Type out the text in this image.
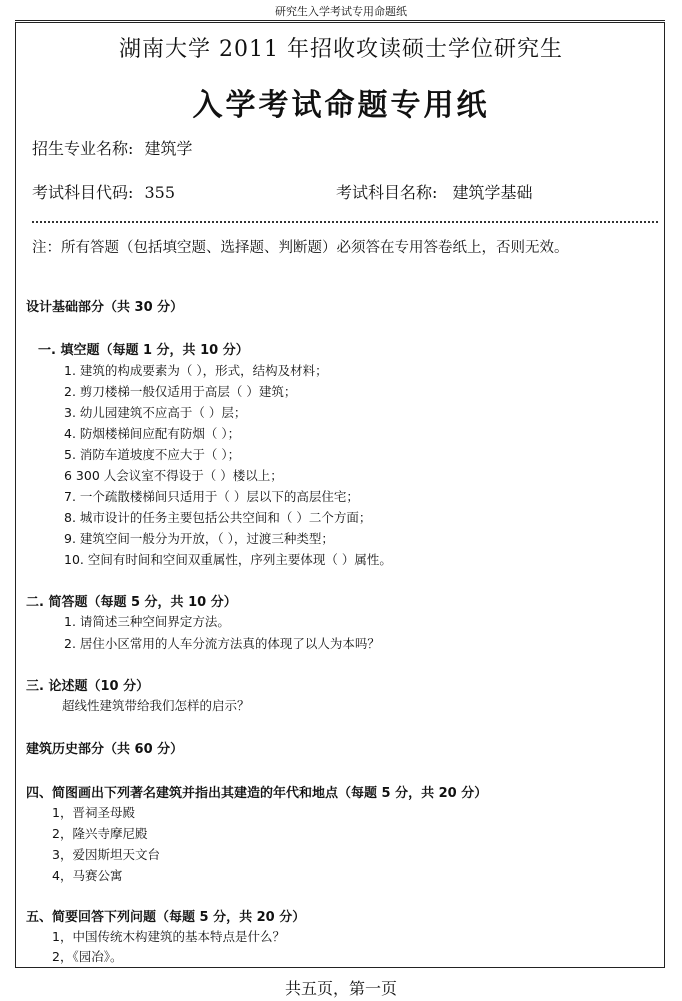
研究生入学考试专用命题纸
湖南大学 2011 年招收攻读硕士学位研究生
入学考试命题专用纸
招生专业名称: 建筑学
考试科目代码: 355	考试科目名称: 建筑学基础
注：所有答题（包括填空题、选择题、判断题）必须答在专用答卷纸上，否则无效。
设计基础部分（共 30 分）
一. 填空题（每题 1 分，共 10 分）
1. 建筑的构成要素为（ ），形式，结构及材料；
2. 剪刀楼梯一般仅适用于高层（ ）建筑；
3. 幼儿园建筑不应高于（ ）层；
4. 防烟楼梯间应配有防烟（ ）；
5. 消防车道坡度不应大于（ ）；
6 300 人会议室不得设于（ ）楼以上；
7. 一个疏散楼梯间只适用于（ ）层以下的高层住宅；
8. 城市设计的任务主要包括公共空间和（ ）二个方面；
9. 建筑空间一般分为开放，（ ），过渡三种类型；
10. 空间有时间和空间双重属性，序列主要体现（ ）属性。
二. 简答题（每题 5 分，共 10 分）
1. 请简述三种空间界定方法。
2. 居住小区常用的人车分流方法真的体现了以人为本吗？
三. 论述题（10 分）
超线性建筑带给我们怎样的启示？
建筑历史部分（共 60 分）
四、简图画出下列著名建筑并指出其建造的年代和地点（每题 5 分，共 20 分）
1，晋祠圣母殿
2，隆兴寺摩尼殿
3，爱因斯坦天文台
4，马赛公寓
五、简要回答下列问题（每题 5 分，共 20 分）
1，中国传统木构建筑的基本特点是什么？
2，《园冶》。
共五页，第一页
